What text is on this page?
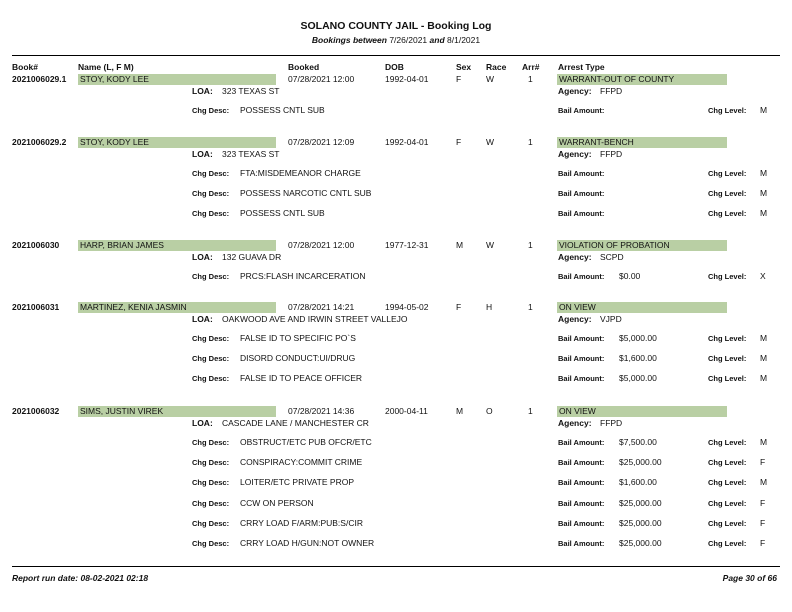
SOLANO COUNTY JAIL - Booking Log
Bookings between 7/26/2021 and 8/1/2021
Book#	Name (L, F M)	Booked	DOB	Sex Race Arr# Arrest Type
2021006029.1 STOY, KODY LEE	07/28/2021 12:00	1992-04-01	F	W	1	WARRANT-OUT OF COUNTY
LOA: 323 TEXAS ST	Agency: FFPD
Chg Desc: POSSESS CNTL SUB	Bail Amount:	Chg Level: M
2021006029.2 STOY, KODY LEE	07/28/2021 12:09	1992-04-01	F	W	1	WARRANT-BENCH
LOA: 323 TEXAS ST	Agency: FFPD
Chg Desc: FTA:MISDEMEANOR CHARGE	Bail Amount:	Chg Level: M
Chg Desc: POSSESS NARCOTIC CNTL SUB	Bail Amount:	Chg Level: M
Chg Desc: POSSESS CNTL SUB	Bail Amount:	Chg Level: M
2021006030 HARP, BRIAN JAMES	07/28/2021 12:00	1977-12-31	M	W	1	VIOLATION OF PROBATION
LOA: 132 GUAVA DR	Agency: SCPD
Chg Desc: PRCS:FLASH INCARCERATION	Bail Amount: $0.00	Chg Level: X
2021006031 MARTINEZ, KENIA JASMIN	07/28/2021 14:21	1994-05-02	F	H	1	ON VIEW
LOA: OAKWOOD AVE AND IRWIN STREET VALLEJO	Agency: VJPD
Chg Desc: FALSE ID TO SPECIFIC PO`S	Bail Amount: $5,000.00	Chg Level: M
Chg Desc: DISORD CONDUCT:UI/DRUG	Bail Amount: $1,600.00	Chg Level: M
Chg Desc: FALSE ID TO PEACE OFFICER	Bail Amount: $5,000.00	Chg Level: M
2021006032 SIMS, JUSTIN VIREK	07/28/2021 14:36	2000-04-11	M	O	1	ON VIEW
LOA: CASCADE LANE / MANCHESTER CR	Agency: FFPD
Chg Desc: OBSTRUCT/ETC PUB OFCR/ETC	Bail Amount: $7,500.00	Chg Level: M
Chg Desc: CONSPIRACY:COMMIT CRIME	Bail Amount: $25,000.00	Chg Level: F
Chg Desc: LOITER/ETC PRIVATE PROP	Bail Amount: $1,600.00	Chg Level: M
Chg Desc: CCW ON PERSON	Bail Amount: $25,000.00	Chg Level: F
Chg Desc: CRRY LOAD F/ARM:PUB:S/CIR	Bail Amount: $25,000.00	Chg Level: F
Chg Desc: CRRY LOAD H/GUN:NOT OWNER	Bail Amount: $25,000.00	Chg Level: F
Report run date: 08-02-2021 02:18	Page 30 of 66
